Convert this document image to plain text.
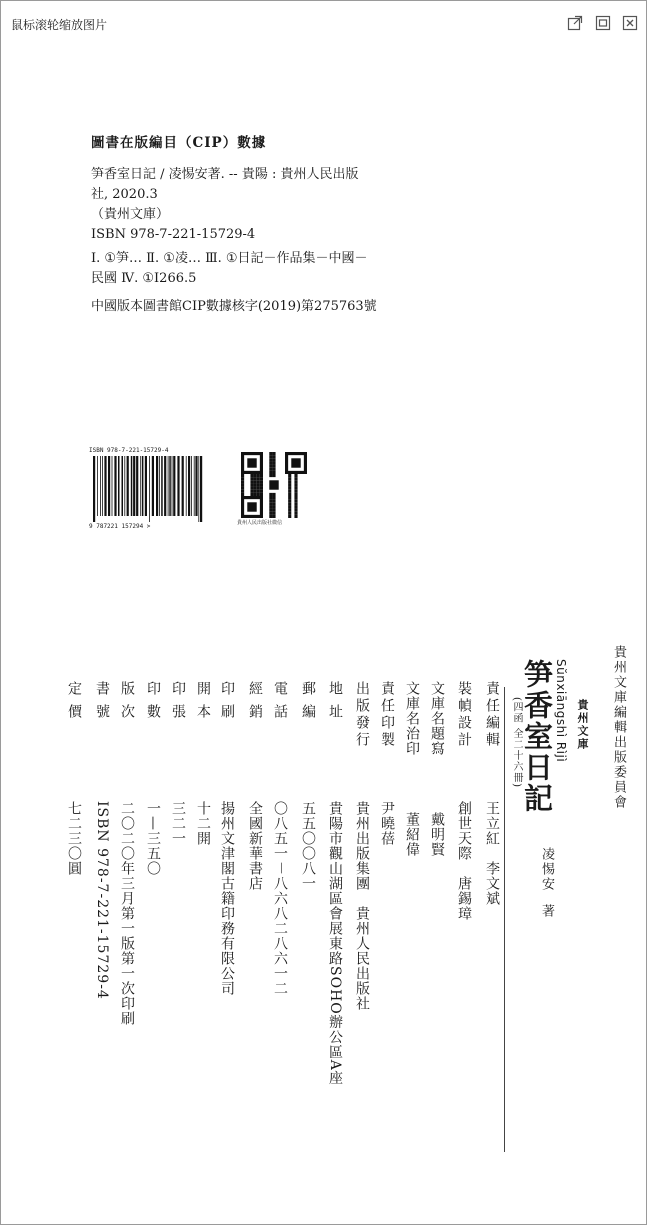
鼠标滚轮缩放图片
圖書在版編目（CIP）數據
笋香室日記 / 凌惕安著. -- 貴陽 : 貴州人民出版
社, 2020.3
（貴州文庫）
ISBN 978-7-221-15729-4
Ⅰ. ①笋… Ⅱ. ①凌… Ⅲ. ①日記－作品集－中國－
民國 Ⅳ. ①I266.5
中國版本圖書館CIP數據核字(2019)第275763號
ISBN 978-7-221-15729-4
9 787221 157294 >	貴州人民出版社微信
貴州文庫編輯出版委員會
貴州文庫
Sŭnxiāngshì Rìjì
笋香室日記
(四函 全二十六冊)
凌惕安
著
責任編輯
王立紅　李文斌
裝幀設計
創世天際　唐錫璋
文庫名題寫
戴明賢
文庫名治印
董紹偉
責任印製
尹曉蓓
出版發行
貴州出版集團　貴州人民出版社
地址
貴陽市觀山湖區會展東路SOHO辦公區A座
郵編
五五〇〇八一
電話
〇八五一－八六八二八六一二
經銷
全國新華書店
印刷
揚州文津閣古籍印務有限公司
開本
十二開
印張
三二一
印數
一—三五〇
版次
二〇二〇年三月第一版第一次印刷
書號
ISBN 978-7-221-15729-4
定價
七二三〇圓
